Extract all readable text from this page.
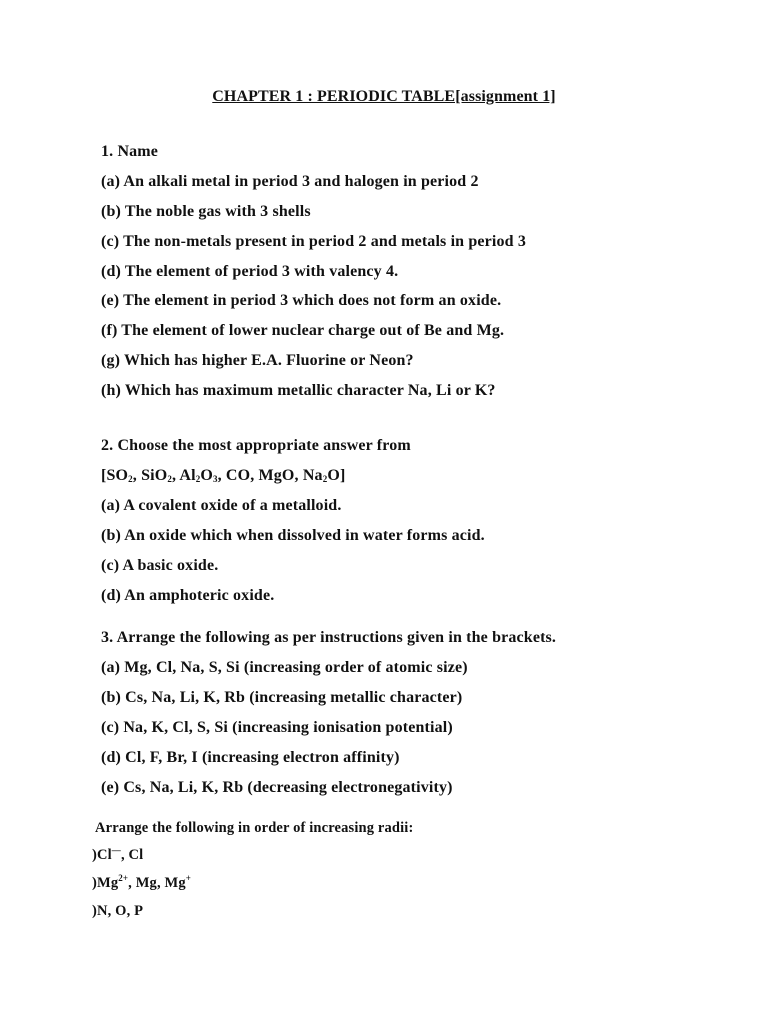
CHAPTER 1 : PERIODIC TABLE[assignment 1]
1. Name
(a) An alkali metal in period 3 and halogen in period 2
(b) The noble gas with 3 shells
(c) The non-metals present in period 2 and metals in period 3
(d) The element of period 3 with valency 4.
(e) The element in period 3 which does not form an oxide.
(f) The element of lower nuclear charge out of Be and Mg.
(g) Which has higher E.A. Fluorine or Neon?
(h) Which has maximum metallic character Na, Li or K?
2. Choose the most appropriate answer from
[$SO_2$, SiO$_2$, $Al_2O_3$, CO, MgO, $Na_2O$]
(a) A covalent oxide of a metalloid.
(b) An oxide which when dissolved in water forms acid.
(c) A basic oxide.
(d) An amphoteric oxide.
3. Arrange the following as per instructions given in the brackets.
(a) Mg, Cl, Na, S, Si (increasing order of atomic size)
(b) Cs, Na, Li, K, Rb (increasing metallic character)
(c) Na, K, Cl, S, Si (increasing ionisation potential)
(d) Cl, F, Br, I (increasing electron affinity)
(e) Cs, Na, Li, K, Rb (decreasing electronegativity)
Arrange the following in order of increasing radii:
)Cl—, Cl
)$Mg^{2+}$, Mg, Mg+
)N, O, P
